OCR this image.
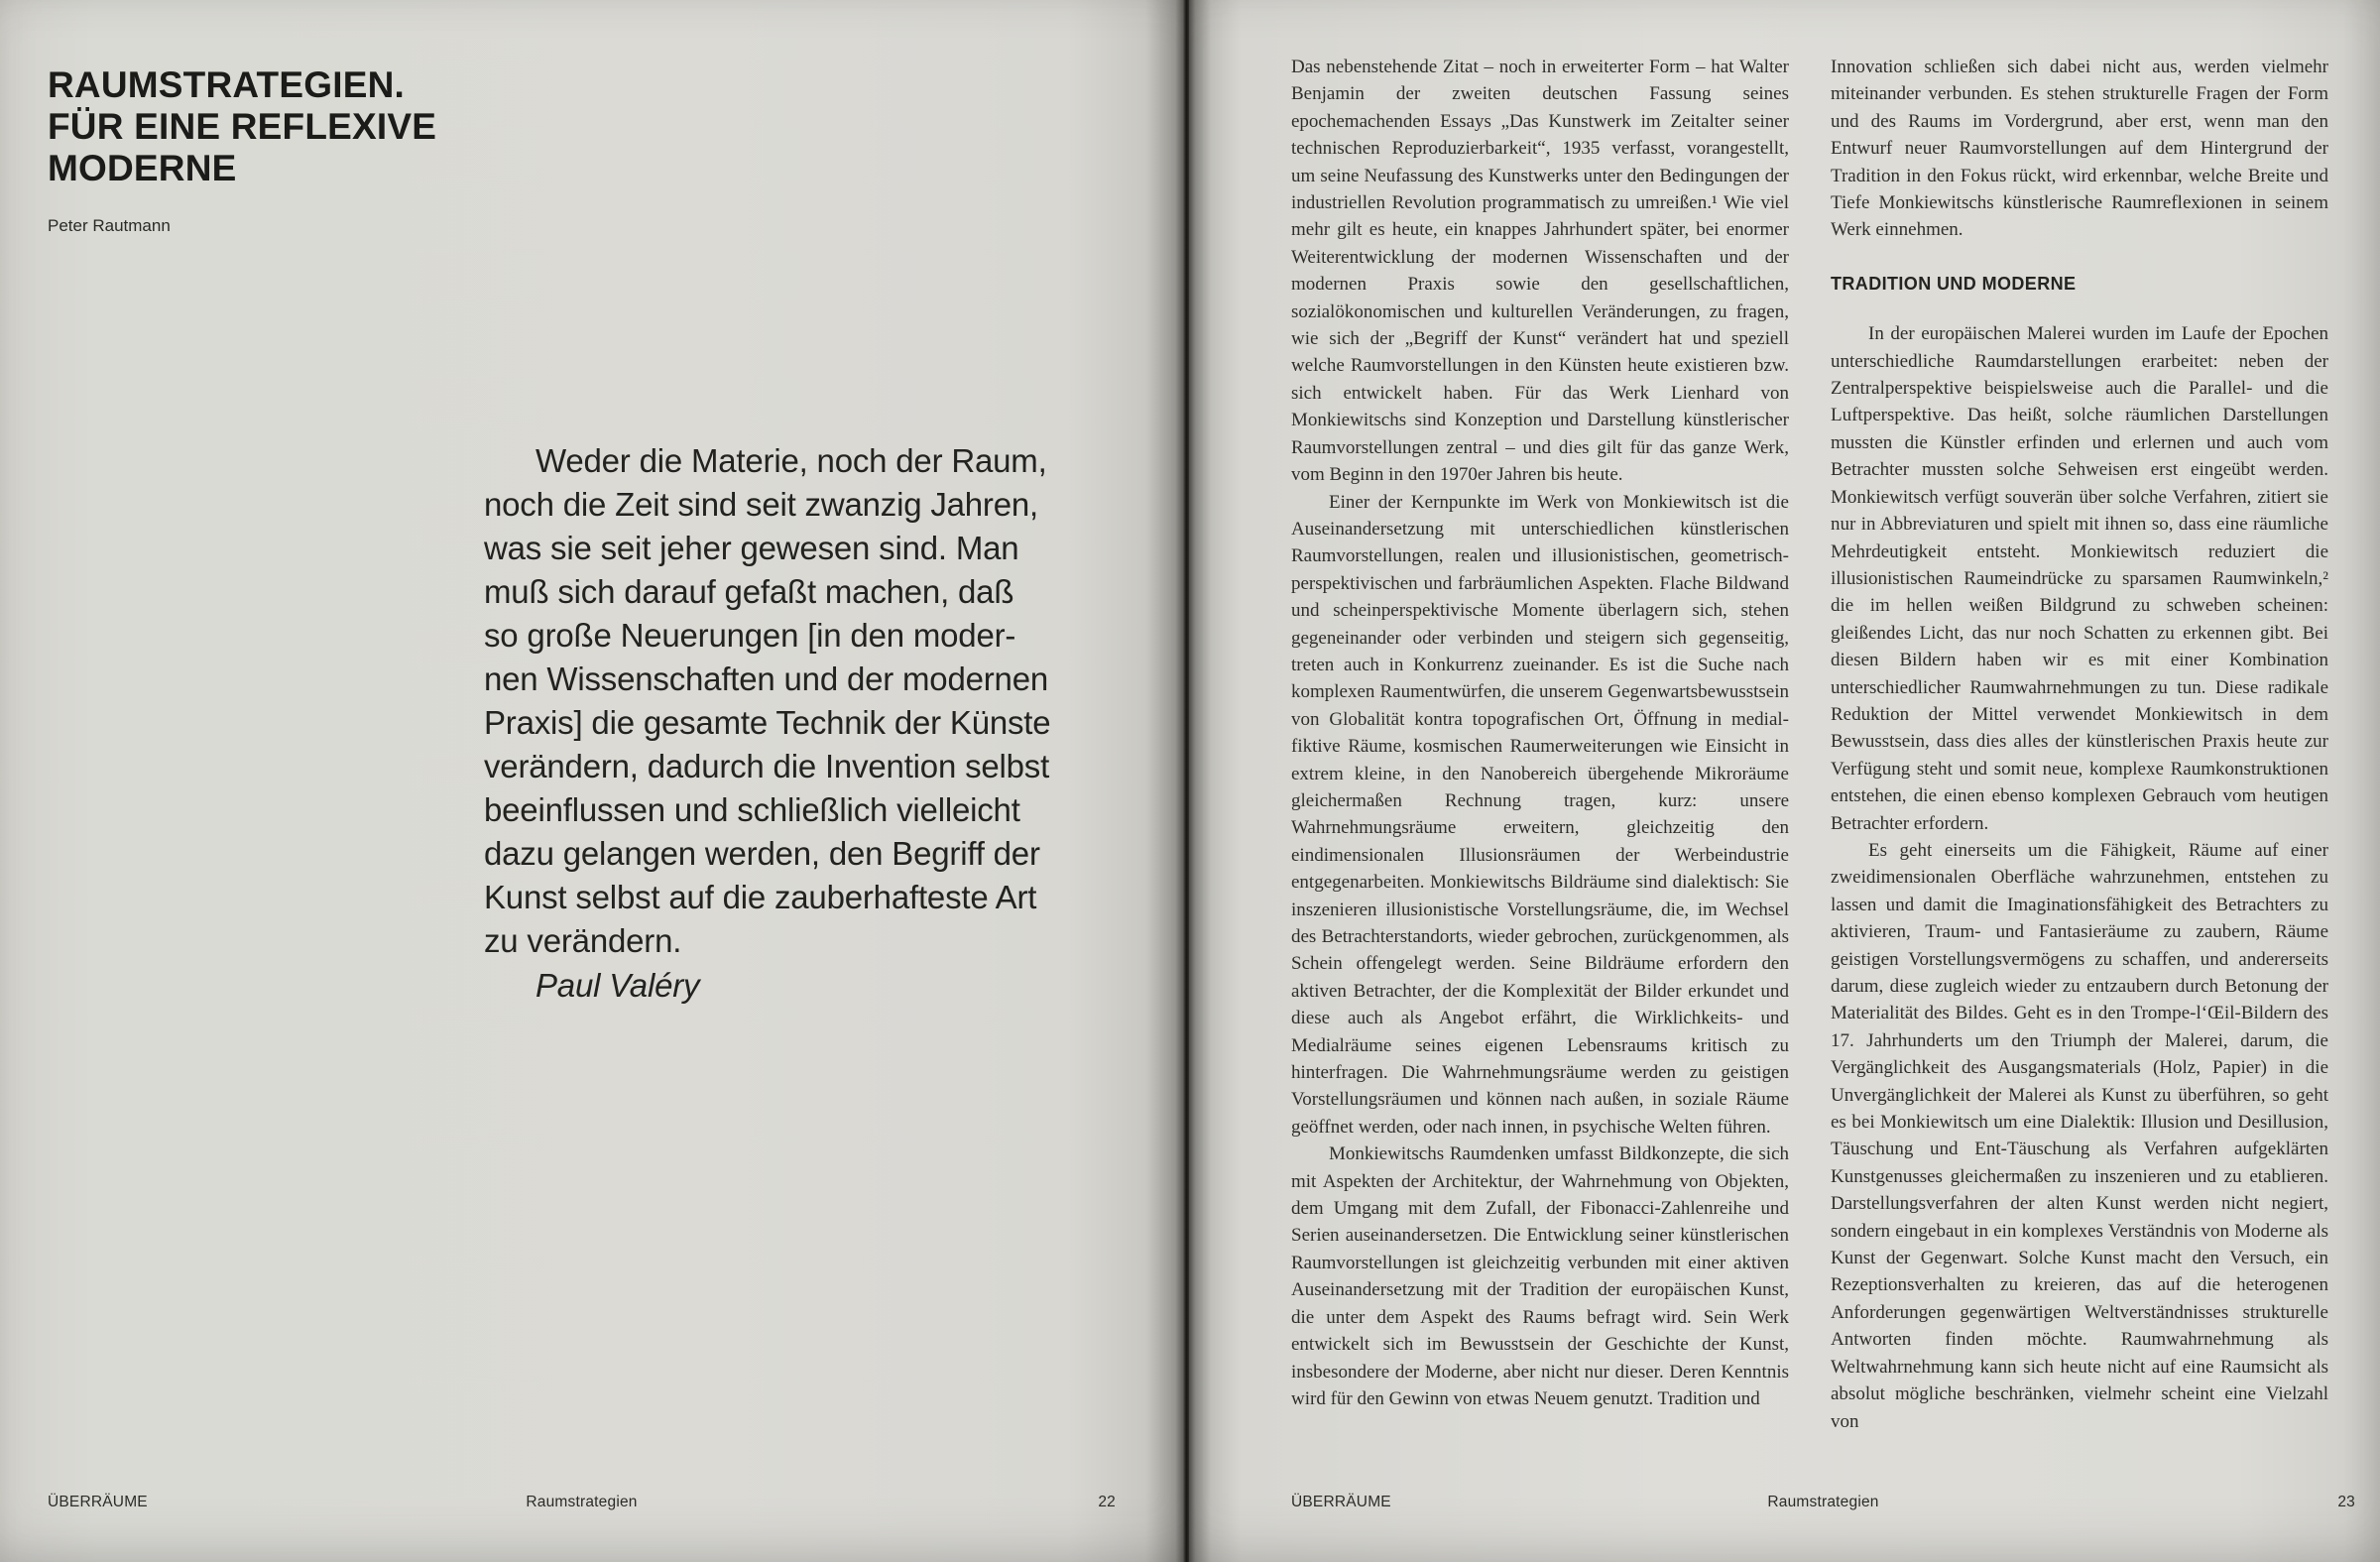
RAUMSTRATEGIEN.
FÜR EINE REFLEXIVE
MODERNE
Peter Rautmann
Weder die Materie, noch der Raum,
noch die Zeit sind seit zwanzig Jahren,
was sie seit jeher gewesen sind. Man
muß sich darauf gefaßt machen, daß
so große Neuerungen [in den moder-
nen Wissenschaften und der modernen
Praxis] die gesamte Technik der Künste
verändern, dadurch die Invention selbst
beeinflussen und schließlich vielleicht
dazu gelangen werden, den Begriff der
Kunst selbst auf die zauberhafteste Art
zu verändern.
Paul Valéry
ÜBERRÄUME	Raumstrategien	22

Das nebenstehende Zitat – noch in erweiterter Form – hat Walter Benjamin der zweiten deutschen Fassung seines epochemachenden Essays „Das Kunstwerk im Zeitalter seiner technischen Reproduzierbarkeit“, 1935 verfasst, vorangestellt, um seine Neufassung des Kunstwerks unter den Bedingungen der industriellen Revolution programmatisch zu umreißen.¹ Wie viel mehr gilt es heute, ein knappes Jahrhundert später, bei enormer Weiterentwicklung der modernen Wissenschaften und der modernen Praxis sowie den gesellschaftlichen, sozialökonomischen und kulturellen Veränderungen, zu fragen, wie sich der „Begriff der Kunst“ verändert hat und speziell welche Raumvorstellungen in den Künsten heute existieren bzw. sich entwickelt haben. Für das Werk Lienhard von Monkiewitschs sind Konzeption und Darstellung künstlerischer Raumvorstellungen zentral – und dies gilt für das ganze Werk, vom Beginn in den 1970er Jahren bis heute.

Einer der Kernpunkte im Werk von Monkiewitsch ist die Auseinandersetzung mit unterschiedlichen künstlerischen Raumvorstellungen, realen und illusionistischen, geometrisch-perspektivischen und farbräumlichen Aspekten. Flache Bildwand und scheinperspektivische Momente überlagern sich, stehen gegeneinander oder verbinden und steigern sich gegenseitig, treten auch in Konkurrenz zueinander. Es ist die Suche nach komplexen Raumentwürfen, die unserem Gegenwartsbewusstsein von Globalität kontra topografischen Ort, Öffnung in medial-fiktive Räume, kosmischen Raumerweiterungen wie Einsicht in extrem kleine, in den Nanobereich übergehende Mikroräume gleichermaßen Rechnung tragen, kurz: unsere Wahrnehmungsräume erweitern, gleichzeitig den eindimensionalen Illusionsräumen der Werbeindustrie entgegenarbeiten. Monkiewitschs Bildräume sind dialektisch: Sie inszenieren illusionistische Vorstellungsräume, die, im Wechsel des Betrachterstandorts, wieder gebrochen, zurückgenommen, als Schein offengelegt werden. Seine Bildräume erfordern den aktiven Betrachter, der die Komplexität der Bilder erkundet und diese auch als Angebot erfährt, die Wirklichkeits- und Medialräume seines eigenen Lebensraums kritisch zu hinterfragen. Die Wahrnehmungsräume werden zu geistigen Vorstellungsräumen und können nach außen, in soziale Räume geöffnet werden, oder nach innen, in psychische Welten führen.

Monkiewitschs Raumdenken umfasst Bildkonzepte, die sich mit Aspekten der Architektur, der Wahrnehmung von Objekten, dem Umgang mit dem Zufall, der Fibonacci-Zahlenreihe und Serien auseinandersetzen. Die Entwicklung seiner künstlerischen Raumvorstellungen ist gleichzeitig verbunden mit einer aktiven Auseinandersetzung mit der Tradition der europäischen Kunst, die unter dem Aspekt des Raums befragt wird. Sein Werk entwickelt sich im Bewusstsein der Geschichte der Kunst, insbesondere der Moderne, aber nicht nur dieser. Deren Kenntnis wird für den Gewinn von etwas Neuem genutzt. Tradition und

Innovation schließen sich dabei nicht aus, werden vielmehr miteinander verbunden. Es stehen strukturelle Fragen der Form und des Raums im Vordergrund, aber erst, wenn man den Entwurf neuer Raumvorstellungen auf dem Hintergrund der Tradition in den Fokus rückt, wird erkennbar, welche Breite und Tiefe Monkiewitschs künstlerische Raumreflexionen in seinem Werk einnehmen.

TRADITION UND MODERNE

In der europäischen Malerei wurden im Laufe der Epochen unterschiedliche Raumdarstellungen erarbeitet: neben der Zentralperspektive beispielsweise auch die Parallel- und die Luftperspektive. Das heißt, solche räumlichen Darstellungen mussten die Künstler erfinden und erlernen und auch vom Betrachter mussten solche Sehweisen erst eingeübt werden. Monkiewitsch verfügt souverän über solche Verfahren, zitiert sie nur in Abbreviaturen und spielt mit ihnen so, dass eine räumliche Mehrdeutigkeit entsteht. Monkiewitsch reduziert die illusionistischen Raumeindrücke zu sparsamen Raumwinkeln,² die im hellen weißen Bildgrund zu schweben scheinen: gleißendes Licht, das nur noch Schatten zu erkennen gibt. Bei diesen Bildern haben wir es mit einer Kombination unterschiedlicher Raumwahrnehmungen zu tun. Diese radikale Reduktion der Mittel verwendet Monkiewitsch in dem Bewusstsein, dass dies alles der künstlerischen Praxis heute zur Verfügung steht und somit neue, komplexe Raumkonstruktionen entstehen, die einen ebenso komplexen Gebrauch vom heutigen Betrachter erfordern.

Es geht einerseits um die Fähigkeit, Räume auf einer zweidimensionalen Oberfläche wahrzunehmen, entstehen zu lassen und damit die Imaginationsfähigkeit des Betrachters zu aktivieren, Traum- und Fantasieräume zu zaubern, Räume geistigen Vorstellungsvermögens zu schaffen, und andererseits darum, diese zugleich wieder zu entzaubern durch Betonung der Materialität des Bildes. Geht es in den Trompe-l‘Œil-Bildern des 17. Jahrhunderts um den Triumph der Malerei, darum, die Vergänglichkeit des Ausgangsmaterials (Holz, Papier) in die Unvergänglichkeit der Malerei als Kunst zu überführen, so geht es bei Monkiewitsch um eine Dialektik: Illusion und Desillusion, Täuschung und Ent-Täuschung als Verfahren aufgeklärten Kunstgenusses gleichermaßen zu inszenieren und zu etablieren. Darstellungsverfahren der alten Kunst werden nicht negiert, sondern eingebaut in ein komplexes Verständnis von Moderne als Kunst der Gegenwart. Solche Kunst macht den Versuch, ein Rezeptionsverhalten zu kreieren, das auf die heterogenen Anforderungen gegenwärtigen Weltverständnisses strukturelle Antworten finden möchte. Raumwahrnehmung als Weltwahrnehmung kann sich heute nicht auf eine Raumsicht als absolut mögliche beschränken, vielmehr scheint eine Vielzahl von

ÜBERRÄUME	Raumstrategien	23
